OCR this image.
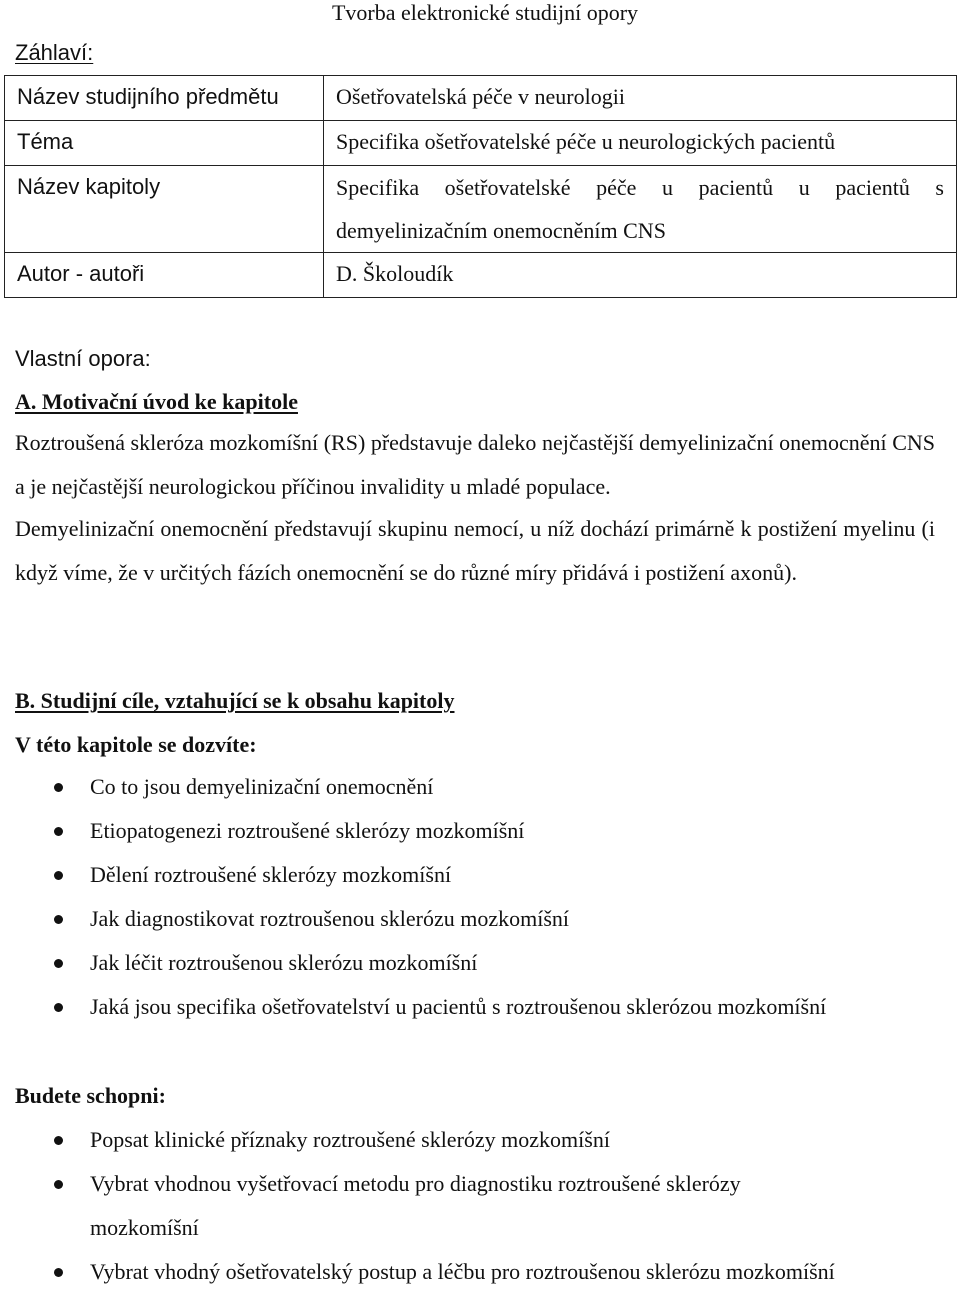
Tvorba elektronické studijní opory
Záhlaví:
Název studijního předmětu	Ošetřovatelská péče v neurologii
Téma	Specifika ošetřovatelské péče u neurologických pacientů
Název kapitoly	Specifika ošetřovatelské péče u pacientů u pacientů s demyelinizačním onemocněním CNS
Autor - autoři	D. Školoudík
Vlastní opora:
A. Motivační úvod ke kapitole
Roztroušená skleróza mozkomíšní (RS) představuje daleko nejčastější demyelinizační onemocnění CNS a je nejčastější neurologickou příčinou invalidity u mladé populace.
Demyelinizační onemocnění představují skupinu nemocí, u níž dochází primárně k postižení myelinu (i když víme, že v určitých fázích onemocnění se do různé míry přidává i postižení axonů).
B. Studijní cíle, vztahující se k obsahu kapitoly
V této kapitole se dozvíte:
Co to jsou demyelinizační onemocnění
Etiopatogenezi roztroušené sklerózy mozkomíšní
Dělení roztroušené sklerózy mozkomíšní
Jak diagnostikovat roztroušenou sklerózu mozkomíšní
Jak léčit roztroušenou sklerózu mozkomíšní
Jaká jsou specifika ošetřovatelství u pacientů s roztroušenou sklerózou mozkomíšní
Budete schopni:
Popsat klinické příznaky roztroušené sklerózy mozkomíšní
Vybrat vhodnou vyšetřovací metodu pro diagnostiku roztroušené sklerózy mozkomíšní
Vybrat vhodný ošetřovatelský postup a léčbu pro roztroušenou sklerózu mozkomíšní
